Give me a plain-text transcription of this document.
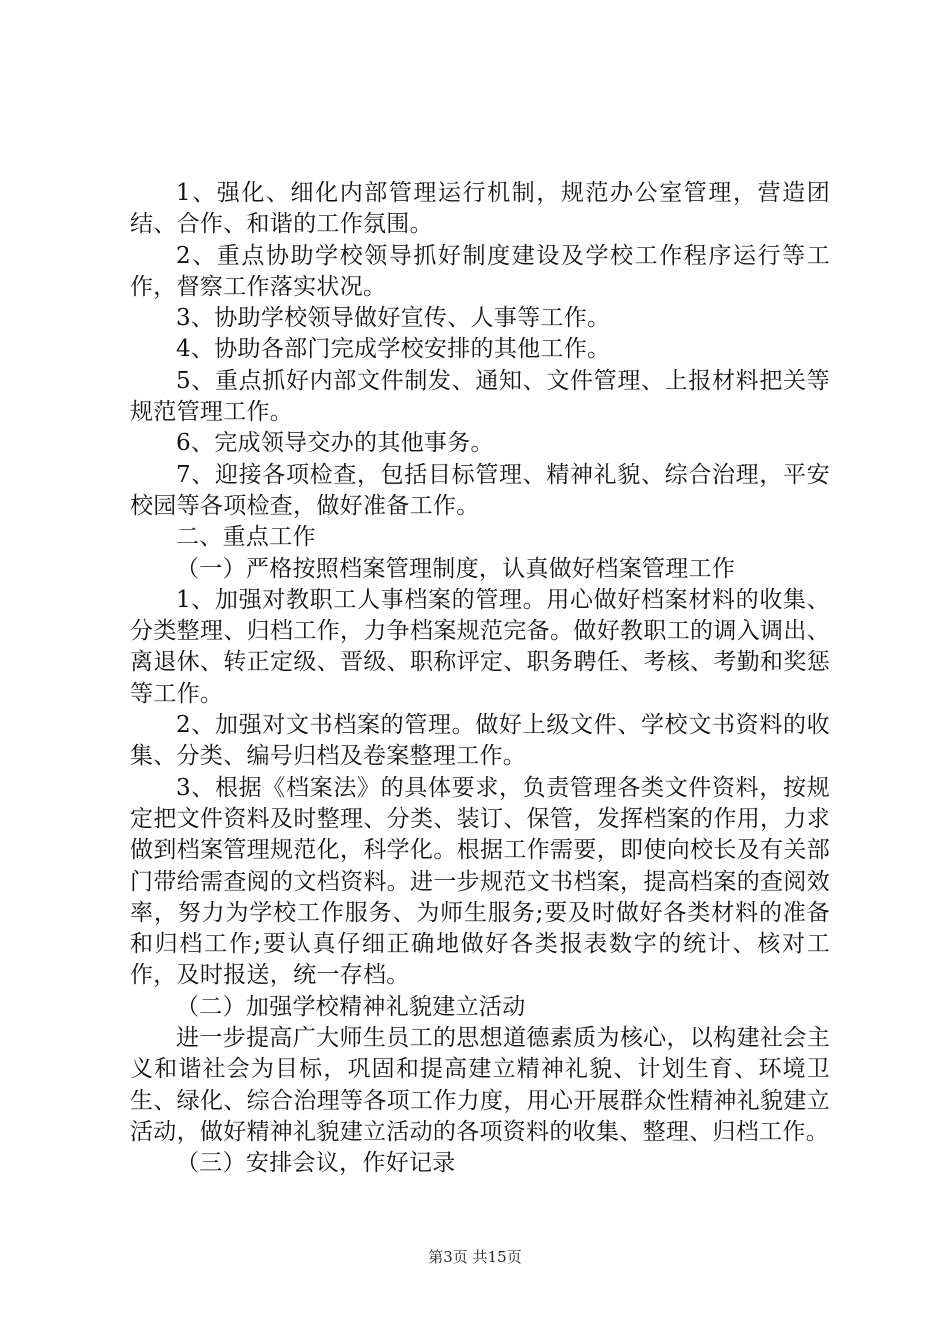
1、强化、细化内部管理运行机制，规范办公室管理，营造团结、合作、和谐的工作氛围。

2、重点协助学校领导抓好制度建设及学校工作程序运行等工作，督察工作落实状况。

3、协助学校领导做好宣传、人事等工作。

4、协助各部门完成学校安排的其他工作。

5、重点抓好内部文件制发、通知、文件管理、上报材料把关等规范管理工作。

6、完成领导交办的其他事务。

7、迎接各项检查，包括目标管理、精神礼貌、综合治理，平安校园等各项检查，做好准备工作。

二、重点工作

（一）严格按照档案管理制度，认真做好档案管理工作

1、加强对教职工人事档案的管理。用心做好档案材料的收集、分类整理、归档工作，力争档案规范完备。做好教职工的调入调出、离退休、转正定级、晋级、职称评定、职务聘任、考核、考勤和奖惩等工作。

2、加强对文书档案的管理。做好上级文件、学校文书资料的收集、分类、编号归档及卷案整理工作。

3、根据《档案法》的具体要求，负责管理各类文件资料，按规定把文件资料及时整理、分类、装订、保管，发挥档案的作用，力求做到档案管理规范化，科学化。根据工作需要，即使向校长及有关部门带给需查阅的文档资料。进一步规范文书档案，提高档案的查阅效率，努力为学校工作服务、为师生服务;要及时做好各类材料的准备和归档工作;要认真仔细正确地做好各类报表数字的统计、核对工作，及时报送，统一存档。

（二）加强学校精神礼貌建立活动

进一步提高广大师生员工的思想道德素质为核心，以构建社会主义和谐社会为目标，巩固和提高建立精神礼貌、计划生育、环境卫生、绿化、综合治理等各项工作力度，用心开展群众性精神礼貌建立活动，做好精神礼貌建立活动的各项资料的收集、整理、归档工作。

（三）安排会议，作好记录

第3页 共15页
